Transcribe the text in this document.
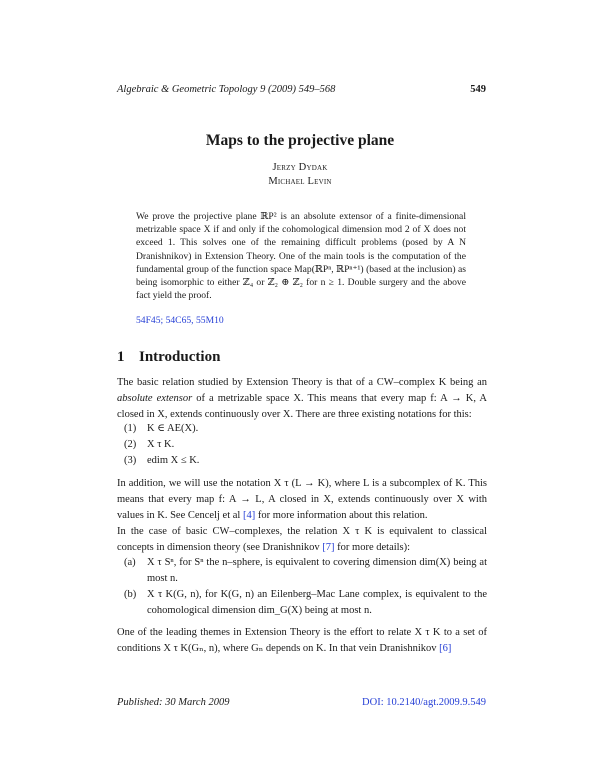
Algebraic & Geometric Topology 9 (2009) 549–568	549
Maps to the projective plane
Jerzy Dydak
Michael Levin
We prove the projective plane ℝP² is an absolute extensor of a finite-dimensional metrizable space X if and only if the cohomological dimension mod 2 of X does not exceed 1. This solves one of the remaining difficult problems (posed by A N Dranishnikov) in Extension Theory. One of the main tools is the computation of the fundamental group of the function space Map(ℝPⁿ, ℝPⁿ⁺¹) (based at the inclusion) as being isomorphic to either ℤ₄ or ℤ₂ ⊕ ℤ₂ for n ≥ 1. Double surgery and the above fact yield the proof.
54F45; 54C65, 55M10
1 Introduction
The basic relation studied by Extension Theory is that of a CW–complex K being an absolute extensor of a metrizable space X. This means that every map f: A → K, A closed in X, extends continuously over X. There are three existing notations for this:
(1) K ∈ AE(X).
(2) X τ K.
(3) edim X ≤ K.
In addition, we will use the notation X τ (L → K), where L is a subcomplex of K. This means that every map f: A → L, A closed in X, extends continuously over X with values in K. See Cencelj et al [4] for more information about this relation.
In the case of basic CW–complexes, the relation X τ K is equivalent to classical concepts in dimension theory (see Dranishnikov [7] for more details):
(a) X τ Sⁿ, for Sⁿ the n–sphere, is equivalent to covering dimension dim(X) being at most n.
(b) X τ K(G, n), for K(G, n) an Eilenberg–Mac Lane complex, is equivalent to the cohomological dimension dim_G(X) being at most n.
One of the leading themes in Extension Theory is the effort to relate X τ K to a set of conditions X τ K(Gₙ, n), where Gₙ depends on K. In that vein Dranishnikov [6]
Published: 30 March 2009	DOI: 10.2140/agt.2009.9.549
